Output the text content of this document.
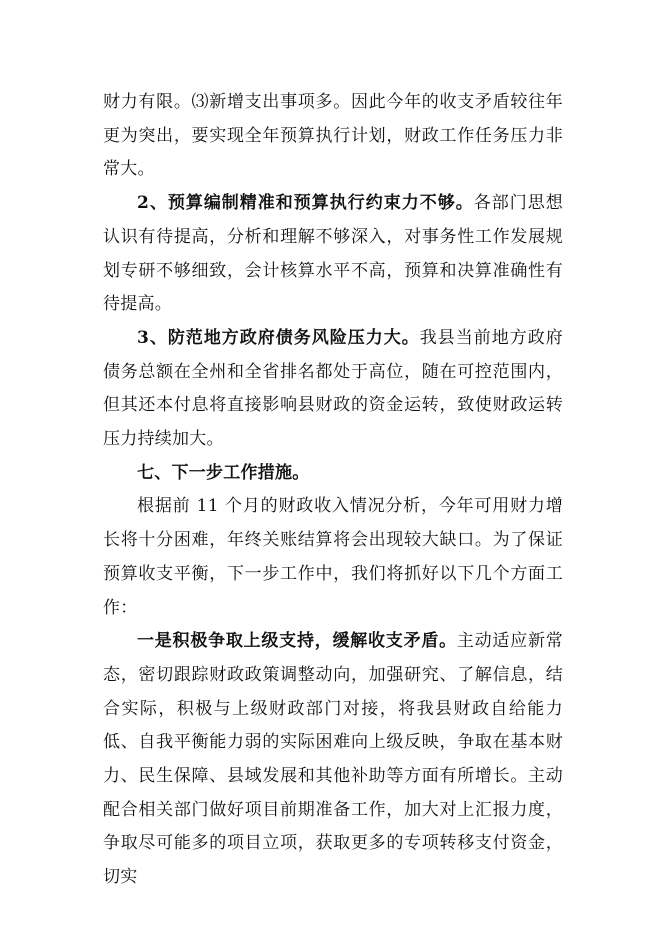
财力有限。⑶新增支出事项多。因此今年的收支矛盾较往年更为突出，要实现全年预算执行计划，财政工作任务压力非常大。

2、预算编制精准和预算执行约束力不够。各部门思想认识有待提高，分析和理解不够深入，对事务性工作发展规划专研不够细致，会计核算水平不高，预算和决算准确性有待提高。

3、防范地方政府债务风险压力大。我县当前地方政府债务总额在全州和全省排名都处于高位，随在可控范围内，但其还本付息将直接影响县财政的资金运转，致使财政运转压力持续加大。

七、下一步工作措施。

根据前 11 个月的财政收入情况分析，今年可用财力增长将十分困难，年终关账结算将会出现较大缺口。为了保证预算收支平衡，下一步工作中，我们将抓好以下几个方面工作：

一是积极争取上级支持，缓解收支矛盾。主动适应新常态，密切跟踪财政政策调整动向，加强研究、了解信息，结合实际，积极与上级财政部门对接，将我县财政自给能力低、自我平衡能力弱的实际困难向上级反映，争取在基本财力、民生保障、县域发展和其他补助等方面有所增长。主动配合相关部门做好项目前期准备工作，加大对上汇报力度，争取尽可能多的项目立项，获取更多的专项转移支付资金，切实
